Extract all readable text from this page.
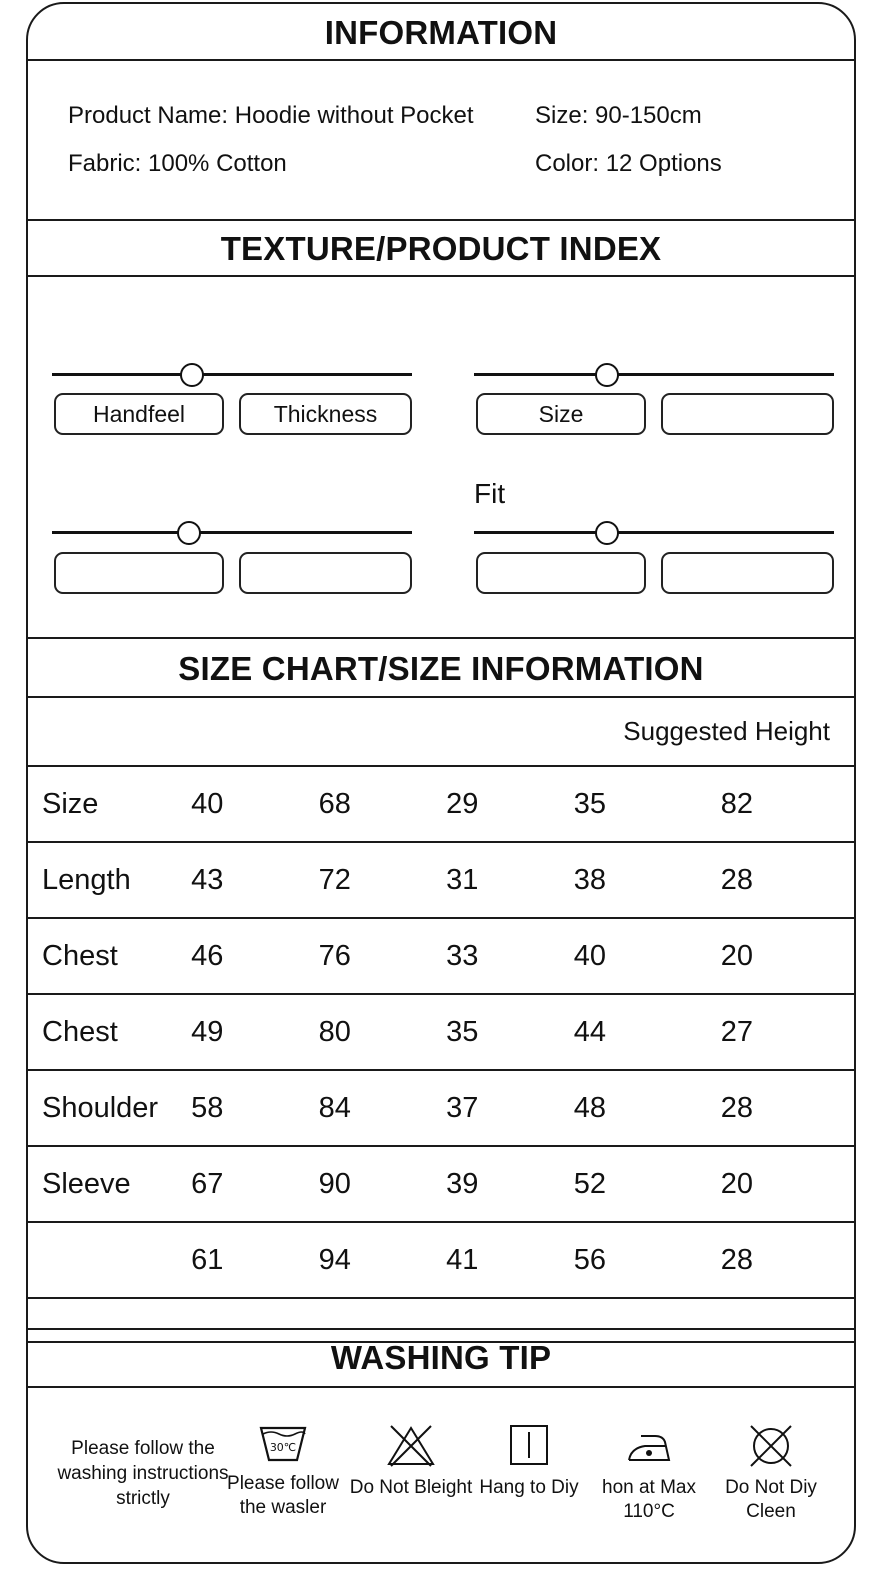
INFORMATION
Product Name: Hoodie without Pocket	Size: 90-150cm
Fabric: 100% Cotton	Color: 12 Options
TEXTURE/PRODUCT INDEX
Handfeel	Thickness	Size
Fit
SIZE CHART/SIZE INFORMATION
Suggested Height
Size	40	68	29	35	82
Length	43	72	31	38	28
Chest	46	76	33	40	20
Chest	49	80	35	44	27
Shoulder	58	84	37	48	28
Sleeve	67	90	39	52	20
	61	94	41	56	28

WASHING TIP
Please follow the washing instructions strictly
30℃
Please follow the wasler
Do Not Bleight Hang to Diy	hon at Max 110°C
Do Not Diy Cleen
